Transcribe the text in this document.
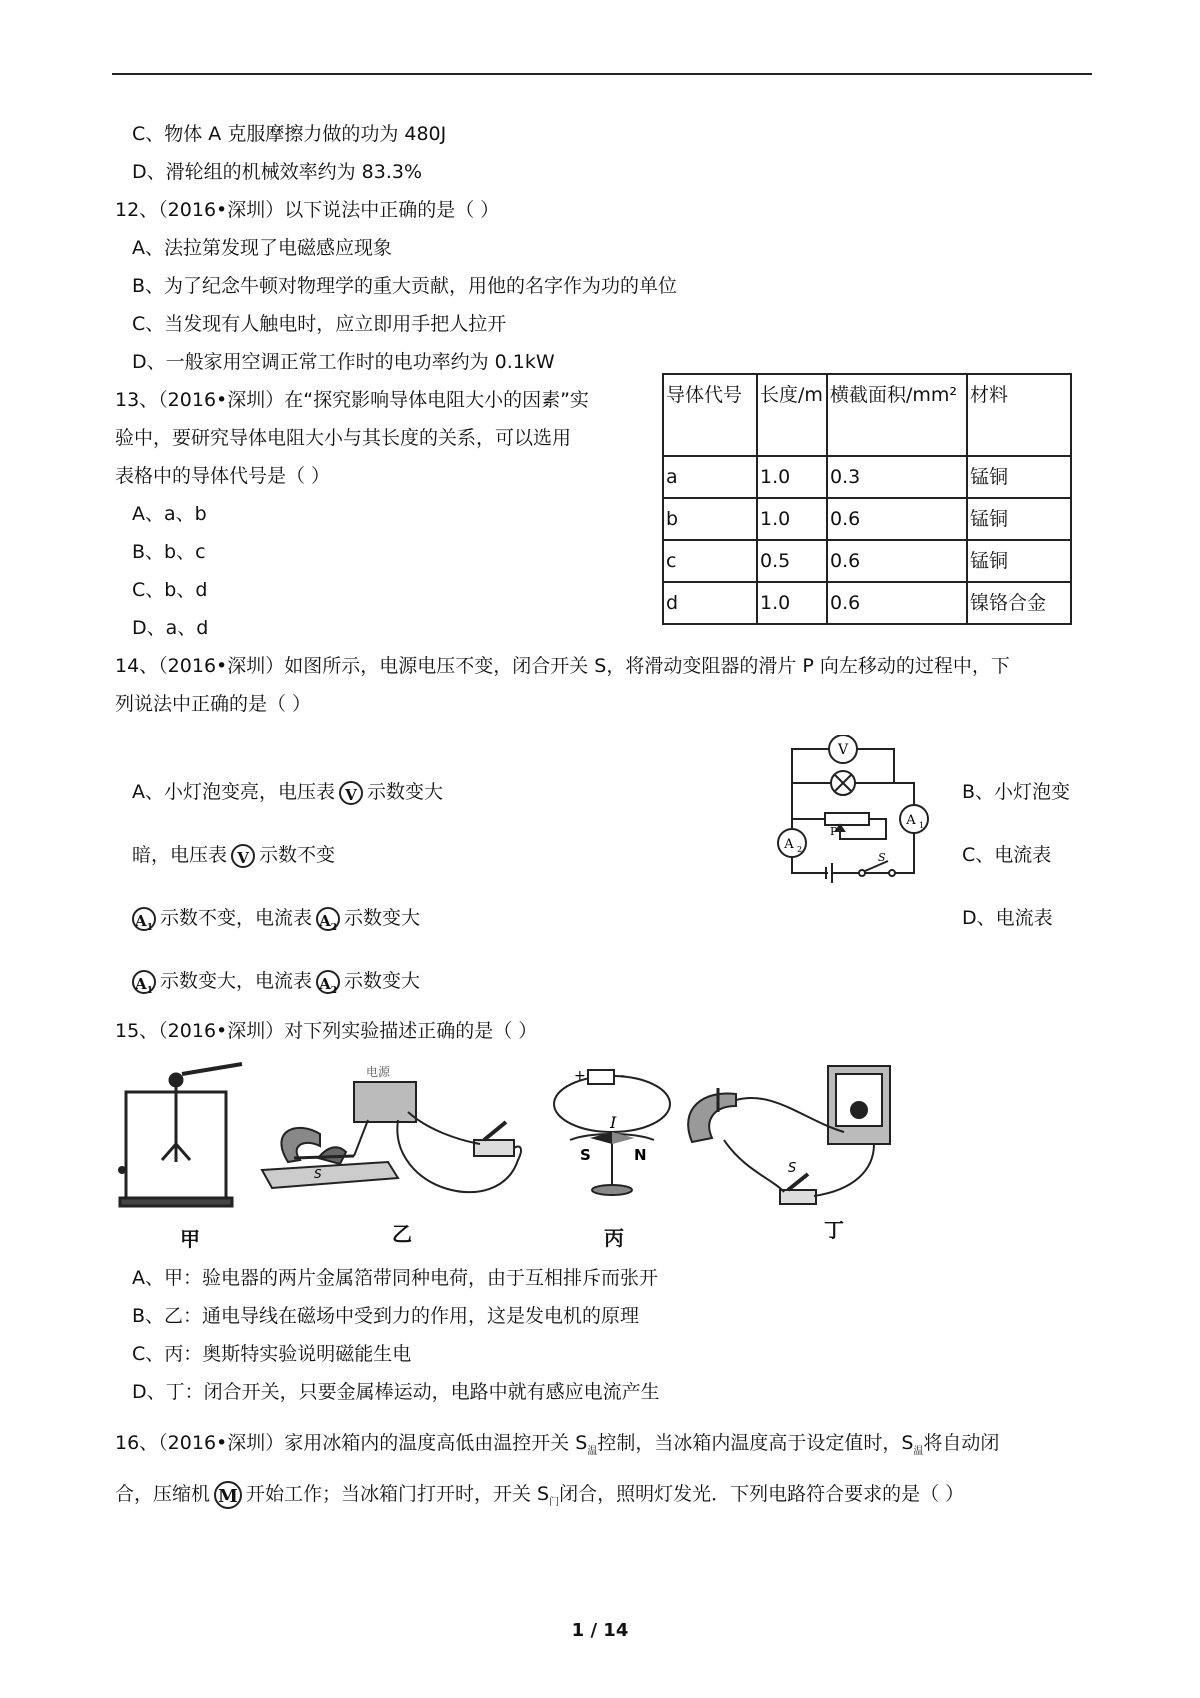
C、物体 A 克服摩擦力做的功为 480J
D、滑轮组的机械效率约为 83.3%
12、（2016•深圳）以下说法中正确的是（ ）
A、法拉第发现了电磁感应现象
B、为了纪念牛顿对物理学的重大贡献，用他的名字作为功的单位
C、当发现有人触电时，应立即用手把人拉开
D、一般家用空调正常工作时的电功率约为 0.1kW
13、（2016•深圳）在“探究影响导体电阻大小的因素”实
验中，要研究导体电阻大小与其长度的关系，可以选用
表格中的导体代号是（ ）
A、a、b
B、b、c
C、b、d
D、a、d
导体代号	长度/m	横截面积/mm²	材料
a	1.0	0.3	锰铜
b	1.0	0.6	锰铜
c	0.5	0.6	锰铜
d	1.0	0.6	镍铬合金
14、（2016•深圳）如图所示，电源电压不变，闭合开关 S，将滑动变阻器的滑片 P 向左移动的过程中，下
列说法中正确的是（ ）
A、小灯泡变亮，电压表 V 示数变大	B、小灯泡变
暗，电压表 V 示数不变	C、电流表
$A_1$ 示数不变，电流表 $A_2$ 示数变大	D、电流表
$A_1$ 示数变大，电流表 $A_2$ 示数变大
V
A 1
A 2
P
S
15、（2016•深圳）对下列实验描述正确的是（ ）
甲
电源
S
乙
+ -
I
S	N
丙
S
丁
A、甲：验电器的两片金属箔带同种电荷，由于互相排斥而张开
B、乙：通电导线在磁场中受到力的作用，这是发电机的原理
C、丙：奥斯特实验说明磁能生电
D、丁：闭合开关，只要金属棒运动，电路中就有感应电流产生
16、（2016•深圳）家用冰箱内的温度高低由温控开关 $S_温$控制，当冰箱内温度高于设定值时，$S_温$将自动闭
合，压缩机 M 开始工作；当冰箱门打开时，开关 $S_门$闭合，照明灯发光．下列电路符合要求的是（ ）
1 / 14
